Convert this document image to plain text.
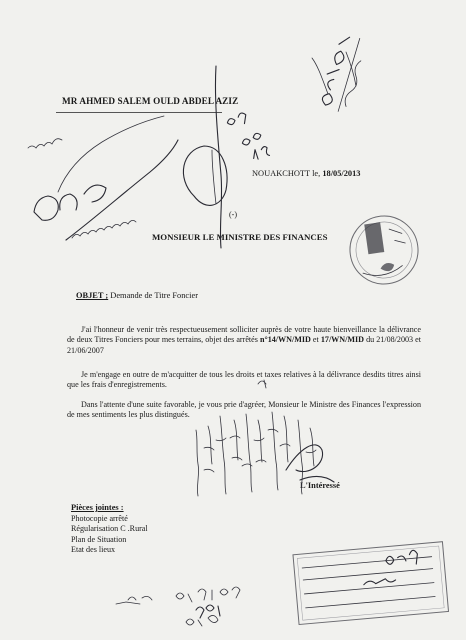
MR AHMED SALEM OULD ABDEL AZIZ
NOUAKCHOTT le, 18/05/2013
(-)
MONSIEUR LE MINISTRE DES FINANCES
OBJET ; Demande de Titre Foncier
J'ai l'honneur de venir très respectueusement solliciter auprès de votre haute bienveillance la délivrance de deux Titres Fonciers pour mes terrains, objet des arrêtés n°14/WN/MID et 17/WN/MID du 21/08/2003 et 21/06/2007
Je m'engage en outre de m'acquitter de tous les droits et taxes relatives à la délivrance desdits titres ainsi que les frais d'enregistrements.
Dans l'attente d'une suite favorable, je vous prie d'agréer, Monsieur le Ministre des Finances l'expression de mes sentiments les plus distingués.
L'Intéressé
Pièces jointes :
Photocopie arrêté
Régularisation C .Rural
Plan de Situation
Etat des lieux
